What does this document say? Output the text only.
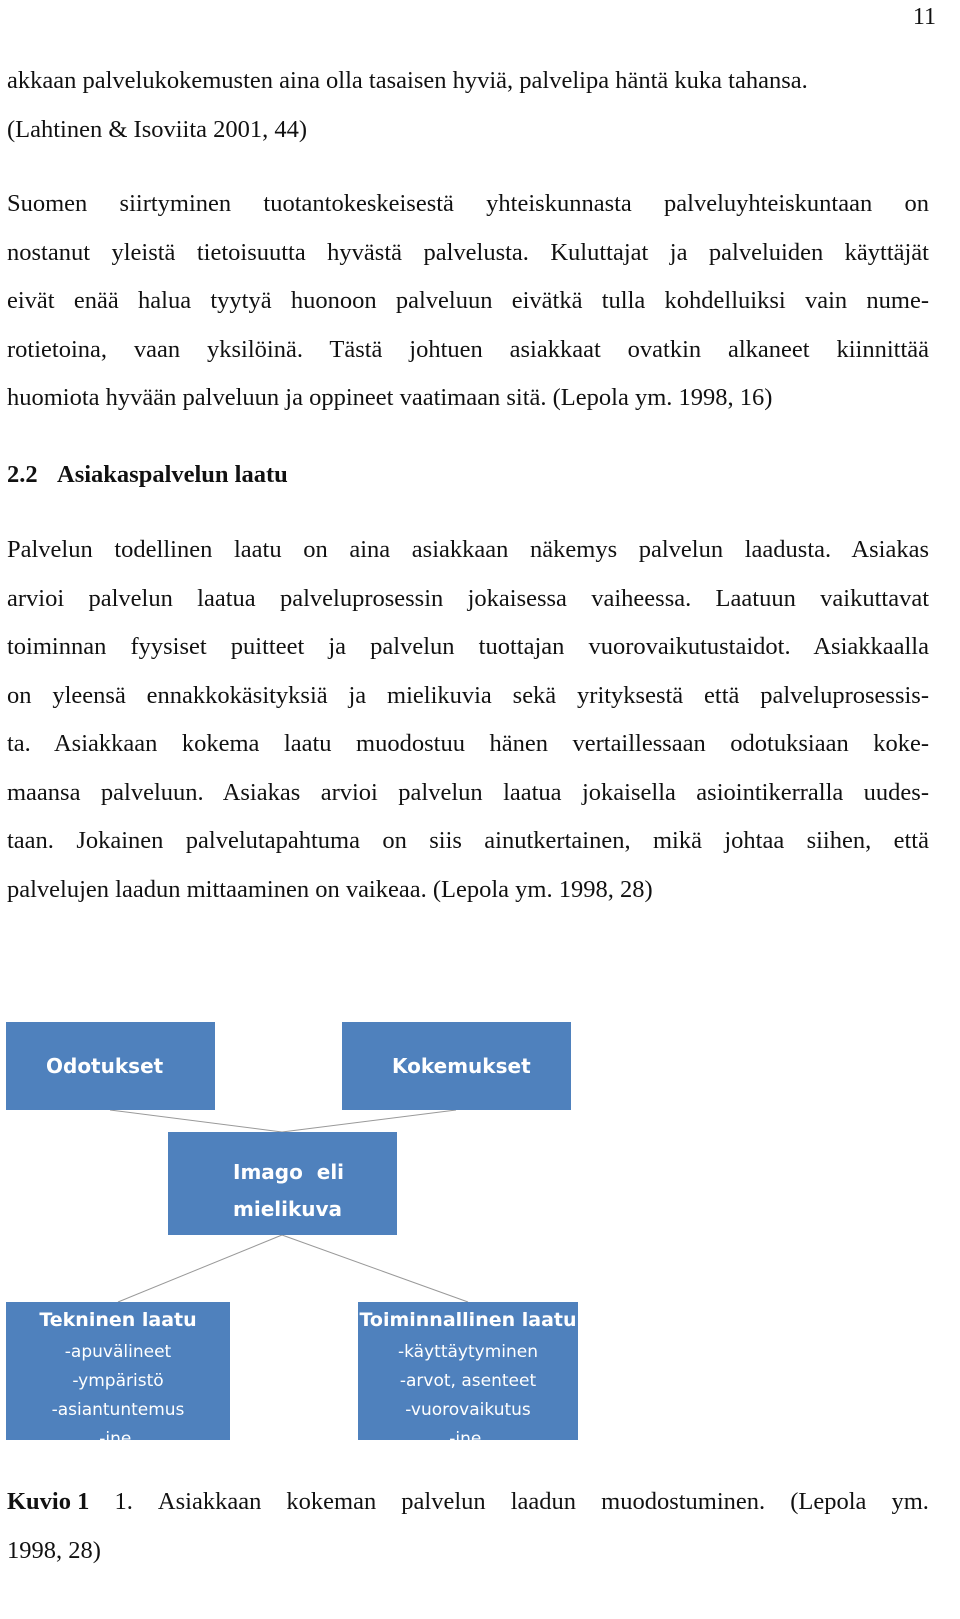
11
akkaan palvelukokemusten aina olla tasaisen hyviä, palvelipa häntä kuka tahansa.
(Lahtinen & Isoviita 2001, 44)
Suomen siirtyminen tuotantokeskeisestä yhteiskunnasta palveluyhteiskuntaan on
nostanut yleistä tietoisuutta hyvästä palvelusta. Kuluttajat ja palveluiden käyttäjät
eivät enää halua tyytyä huonoon palveluun eivätkä tulla kohdelluiksi vain nume-
rotietoina, vaan yksilöinä. Tästä johtuen asiakkaat ovatkin alkaneet kiinnittää
huomiota hyvään palveluun ja oppineet vaatimaan sitä. (Lepola ym. 1998, 16)
2.2 Asiakaspalvelun laatu
Palvelun todellinen laatu on aina asiakkaan näkemys palvelun laadusta. Asiakas
arvioi palvelun laatua palveluprosessin jokaisessa vaiheessa. Laatuun vaikuttavat
toiminnan fyysiset puitteet ja palvelun tuottajan vuorovaikutustaidot. Asiakkaalla
on yleensä ennakkokäsityksiä ja mielikuvia sekä yrityksestä että palveluprosessis-
ta. Asiakkaan kokema laatu muodostuu hänen vertaillessaan odotuksiaan koke-
maansa palveluun. Asiakas arvioi palvelun laatua jokaisella asiointikerralla uudes-
taan. Jokainen palvelutapahtuma on siis ainutkertainen, mikä johtaa siihen, että
palvelujen laadun mittaaminen on vaikeaa. (Lepola ym. 1998, 28)
Odotukset	Kokemukset
Imago  eli
mielikuva
Tekninen laatu
-apuvälineet
-ympäristö
-asiantuntemus
-jne.
Toiminnallinen laatu
-käyttäytyminen
-arvot, asenteet
-vuorovaikutus
-jne.
Kuvio 1 1. Asiakkaan kokeman palvelun laadun muodostuminen. (Lepola ym.
1998, 28)
